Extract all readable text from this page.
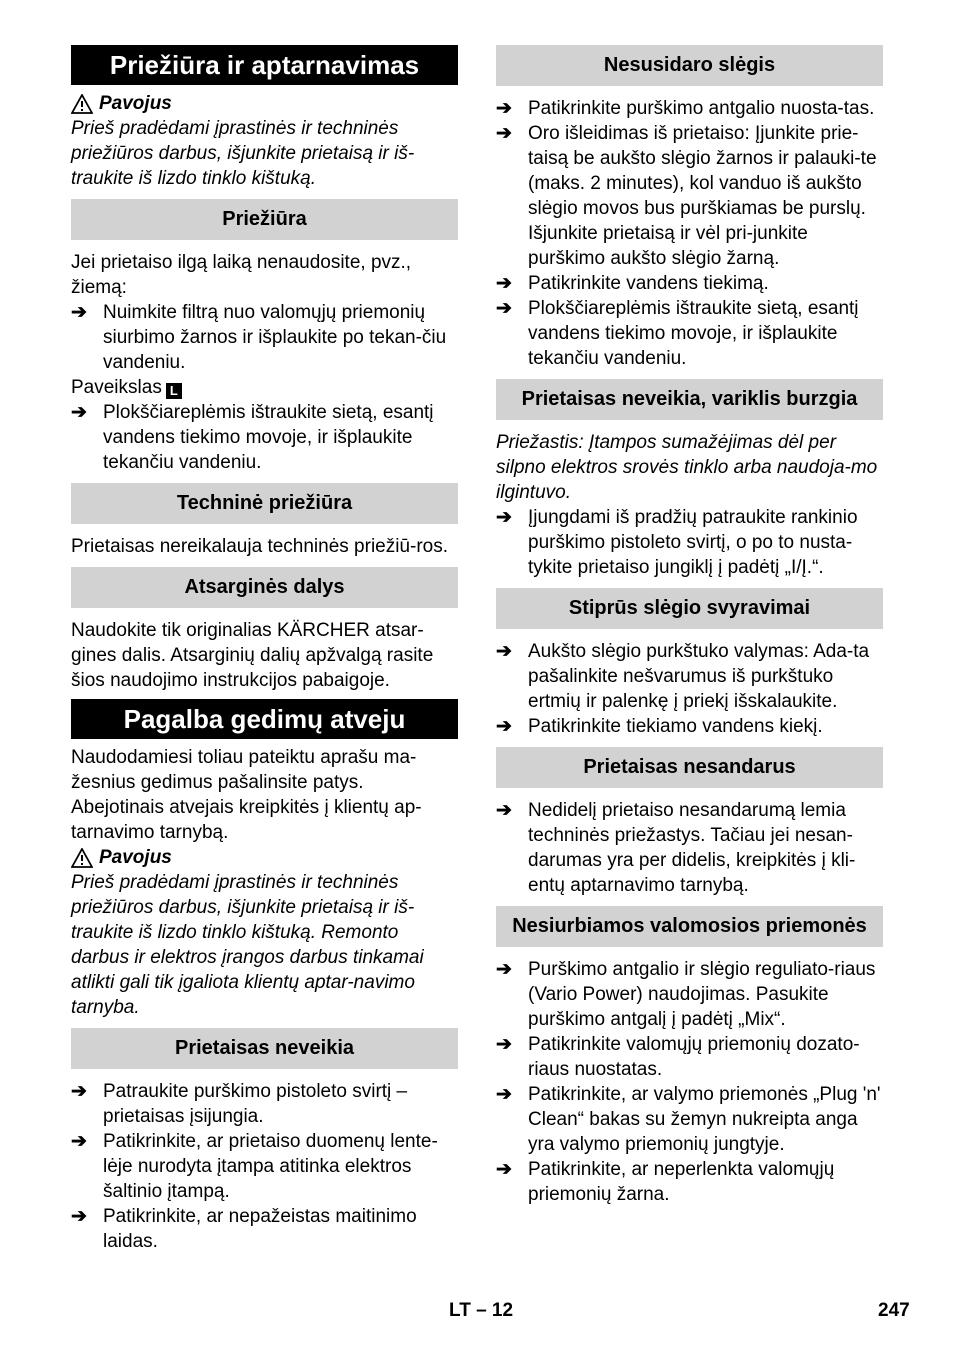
Priežiūra ir aptarnavimas
Pavojus

Prieš pradėdami įprastinės ir techninės priežiūros darbus, išjunkite prietaisą ir iš-traukite iš lizdo tinklo kištuką.

Priežiūra

Jei prietaiso ilgą laiką nenaudosite, pvz., žiemą:

➔ Nuimkite filtrą nuo valomųjų priemonių siurbimo žarnos ir išplaukite po tekan-čiu vandeniu.

Paveikslas L

➔ Plokščiareplėmis ištraukite sietą, esantį vandens tiekimo movoje, ir išplaukite tekančiu vandeniu.
Techninė priežiūra

Prietaisas nereikalauja techninės priežiū-ros.

Atsarginės dalys

Naudokite tik originalias KÄRCHER atsar-gines dalis. Atsarginių dalių apžvalgą rasite šios naudojimo instrukcijos pabaigoje.

Pagalba gedimų atveju

Naudodamiesi toliau pateiktu aprašu ma-žesnius gedimus pašalinsite patys. Abejotinais atvejais kreipkitės į klientų ap-tarnavimo tarnybą.

Pavojus

Prieš pradėdami įprastinės ir techninės priežiūros darbus, išjunkite prietaisą ir iš-traukite iš lizdo tinklo kištuką. Remonto darbus ir elektros įrangos darbus tinkamai atlikti gali tik įgaliota klientų aptar-navimo tarnyba.

Prietaisas neveikia
➔ Patraukite purškimo pistoleto svirtį – prietaisas įsijungia.
➔ Patikrinkite, ar prietaiso duomenų lente-lėje nurodyta įtampa atitinka elektros šaltinio įtampą.
➔ Patikrinkite, ar nepažeistas maitinimo laidas.
Nesusidaro slėgis
➔ Patikrinkite purškimo antgalio nuosta-tas.
➔ Oro išleidimas iš prietaiso: Įjunkite prie-taisą be aukšto slėgio žarnos ir palauki-te (maks. 2 minutes), kol vanduo iš aukšto slėgio movos bus purškiamas be purslų. Išjunkite prietaisą ir vėl pri-junkite purškimo aukšto slėgio žarną.
➔ Patikrinkite vandens tiekimą.
➔ Plokščiareplėmis ištraukite sietą, esantį vandens tiekimo movoje, ir išplaukite tekančiu vandeniu.
Prietaisas neveikia, variklis burzgia

Priežastis: Įtampos sumažėjimas dėl per silpno elektros srovės tinklo arba naudoja-mo ilgintuvo.

➔ Įjungdami iš pradžių patraukite rankinio purškimo pistoleto svirtį, o po to nusta-tykite prietaiso jungiklį į padėtį „I/Į.“.
Stiprūs slėgio svyravimai
➔ Aukšto slėgio purkštuko valymas: Ada-ta pašalinkite nešvarumus iš purkštuko ertmių ir palenkę į priekį išskalaukite.
➔ Patikrinkite tiekiamo vandens kiekį.
Prietaisas nesandarus
➔ Nedidelį prietaiso nesandarumą lemia techninės priežastys. Tačiau jei nesan-darumas yra per didelis, kreipkitės į kli-entų aptarnavimo tarnybą.
Nesiurbiamos valomosios priemonės
➔ Purškimo antgalio ir slėgio reguliato-riaus (Vario Power) naudojimas. Pasukite purškimo antgalį į padėtį „Mix“.
➔ Patikrinkite valomųjų priemonių dozato-riaus nuostatas.
➔ Patikrinkite, ar valymo priemonės „Plug 'n' Clean“ bakas su žemyn nukreipta anga yra valymo priemonių jungtyje.
➔ Patikrinkite, ar neperlenkta valomųjų priemonių žarna.
LT – 12	247
